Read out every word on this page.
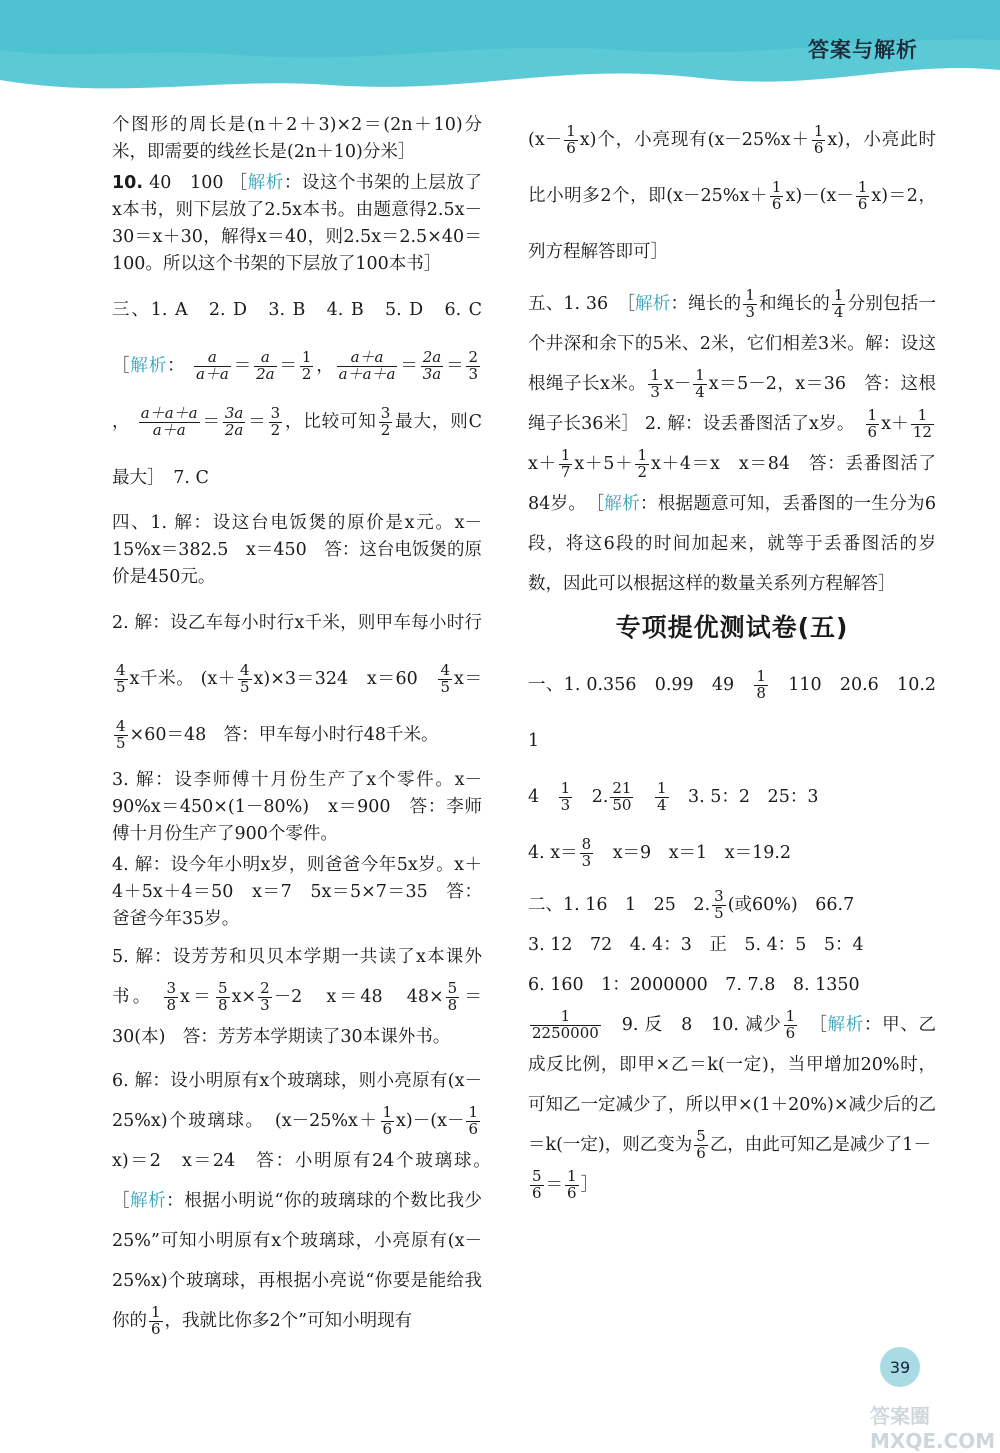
答案与解析

个图形的周长是(n＋2＋3)×2＝(2n＋10)分米，即需要的线丝长是(2n＋10)分米］

10. 40　100 ［解析：设这个书架的上层放了x本书，则下层放了2.5x本书。由题意得2.5x－30＝x＋30，解得x＝40，则2.5x＝2.5×40＝100。所以这个书架的下层放了100本书］

三、1. A　2. D　3. B　4. B　5. D　6. C　［解析： $\frac{a}{a+a} = \frac{a}{2a} = \frac{1}{2}$ ， $\frac{a+a}{a+a+a} = \frac{2a}{3a} = \frac{2}{3}$
， $\frac{a+a+a}{a+a} = \frac{3a}{2a} = \frac{3}{2}$ ，比较可知 $\frac{3}{2}$ 最大，则C最大］　7. C

四、1. 解：设这台电饭煲的原价是x元。x－15%x＝382.5　x＝450　答：这台电饭煲的原价是450元。

2. 解：设乙车每小时行x千米，则甲车每小时行
$\frac{4}{5}$ x千米。 $(x+ \frac{4}{5} x)\times 3=324$　x＝60　 $\frac{4}{5} x=$
$\frac{4}{5} \times 60=48$　答：甲车每小时行48千米。

3. 解：设李师傅十月份生产了x个零件。x－90%x＝450×(1－80%)　x＝900　答：李师傅十月份生产了900个零件。

4. 解：设今年小明x岁，则爸爸今年5x岁。x＋4＋5x＋4＝50　x＝7　5x＝5×7＝35　答：爸爸今年35岁。

5. 解：设芳芳和贝贝本学期一共读了x本课外书。 $\frac{3}{8} x= \frac{5}{8} x\times \frac{2}{3} -2$　x＝48　$48\times \frac{5}{8} =30$(本)　答：芳芳本学期读了30本课外书。

6. 解：设小明原有x个玻璃球，则小亮原有(x－25%x)个玻璃球。　$(x-25\%x+ \frac{1}{6} x)-(x- \frac{1}{6}$
x)＝2　x＝24　答：小明原有24个玻璃球。　［解析：根据小明说“你的玻璃球的个数比我少25%”可知小明原有x个玻璃球，小亮原有(x－25%x)个玻璃球，再根据小亮说“你要是能给我你的 $\frac{1}{6}$ ，我就比你多2个”可知小明现有

$(x- \frac{1}{6} x)$个，小亮现有$(x-25\%x+ \frac{1}{6} x)$，小亮此时比小明多2个，即$(x-25\%x+ \frac{1}{6} x)-(x- \frac{1}{6} x)=2$，列方程解答即可］

五、1. 36　［解析：绳长的 $\frac{1}{3}$ 和绳长的 $\frac{1}{4}$ 分别包括一个井深和余下的5米、2米，它们相差3米。解：设这根绳子长x米。 $\frac{1}{3} x- \frac{1}{4} x=5-2$，x＝36　答：这根绳子长36米］ 2. 解：设丢番图活了x岁。　 $\frac{1}{6} x+ \frac{1}{12}$
$x+ \frac{1}{7} x+5+ \frac{1}{2} x+4=x$　x＝84　答：丢番图活了84岁。　［解析：根据题意可知，丢番图的一生分为6段，将这6段的时间加起来，就等于丢番图活的岁数，因此可以根据这样的数量关系列方程解答］

专项提优测试卷(五)

一、1. 0.356　0.99　49　 $\frac{1}{8}$
　 110　20.6　10.2　1
4　 $\frac{1}{3}$
　 2. $\frac{21}{50}$
　 $\frac{1}{4}$
　 3. 5：2　25：3
4. $x= \frac{8}{3}$
　 x＝9　x＝1　x＝19.2

二、1. 16　1　25　2. $\frac{3}{5}$ (或60%)　66.7
3. 12　72　4. 4：3　正　5. 4：5　5：4
6. 160　1：2000000　7. 7.8　8. 1350

$\frac{1}{2250000}$
　 9. 反　8　10. 减少 $\frac{1}{6}$
　 ［解析：甲、乙成反比例，即甲×乙＝k(一定)，当甲增加20%时，可知乙一定减少了，所以甲×(1＋20%)×减少后的乙＝k(一定)，则乙变为 $\frac{5}{6}$ 乙，由此可知乙是减少了1－

$\frac{5}{6} = \frac{1}{6}$ ］

39
答案圈 MXQE.COM
